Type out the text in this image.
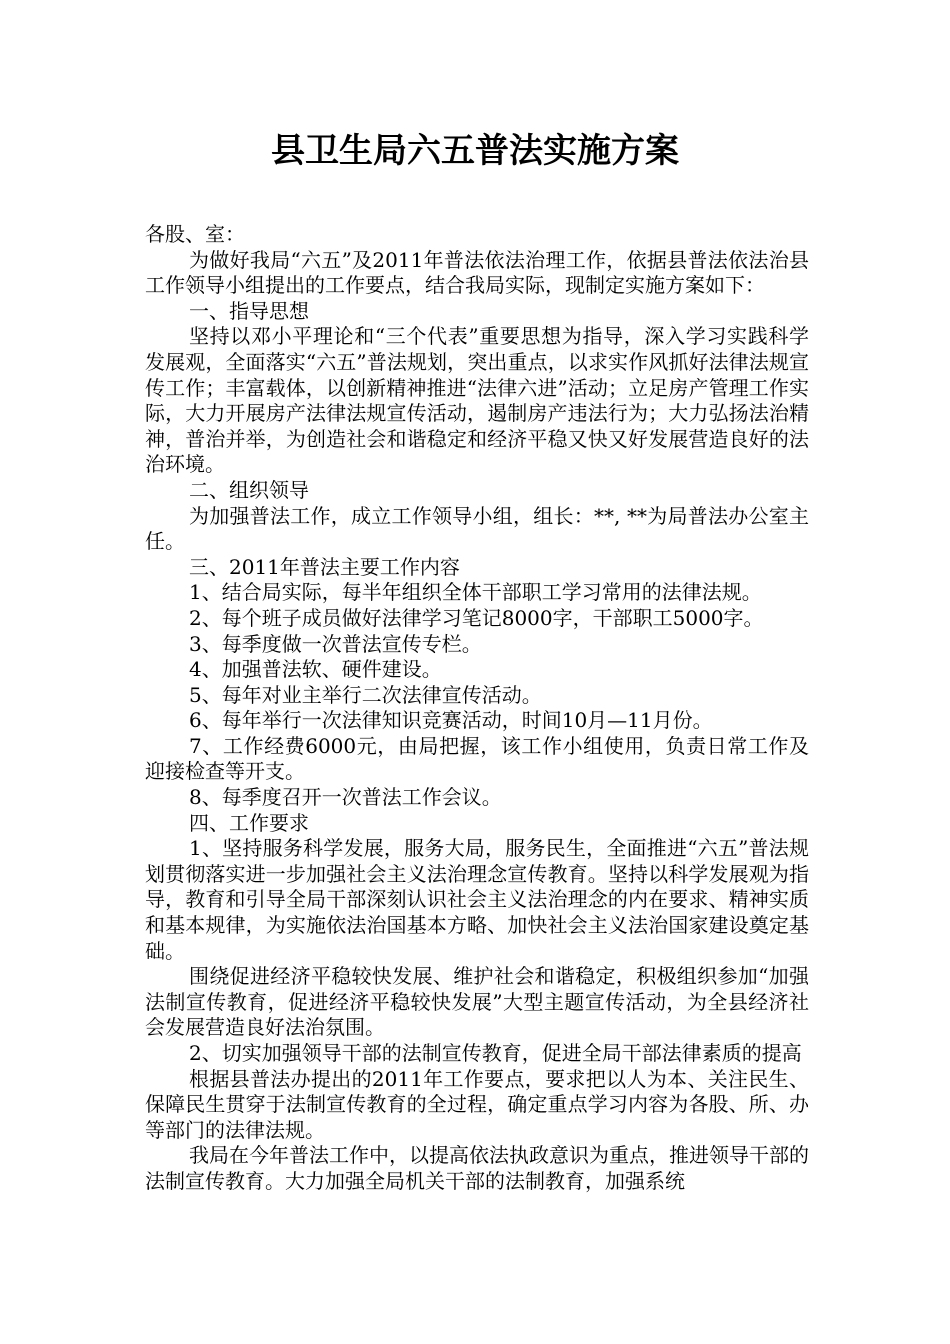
县卫生局六五普法实施方案

各股、室：

为做好我局“六五”及2011年普法依法治理工作，依据县普法依法治县工作领导小组提出的工作要点，结合我局实际，现制定实施方案如下：

一、指导思想

坚持以邓小平理论和“三个代表”重要思想为指导，深入学习实践科学发展观，全面落实“六五”普法规划，突出重点，以求实作风抓好法律法规宣传工作；丰富载体，以创新精神推进“法律六进”活动；立足房产管理工作实际，大力开展房产法律法规宣传活动，遏制房产违法行为；大力弘扬法治精神，普治并举，为创造社会和谐稳定和经济平稳又快又好发展营造良好的法治环境。

二、组织领导

为加强普法工作，成立工作领导小组，组长：**, **为局普法办公室主任。

三、2011年普法主要工作内容

1、结合局实际，每半年组织全体干部职工学习常用的法律法规。

2、每个班子成员做好法律学习笔记8000字，干部职工5000字。

3、每季度做一次普法宣传专栏。

4、加强普法软、硬件建设。

5、每年对业主举行二次法律宣传活动。

6、每年举行一次法律知识竞赛活动，时间10月—11月份。

7、工作经费6000元，由局把握，该工作小组使用，负责日常工作及迎接检查等开支。

8、每季度召开一次普法工作会议。

四、工作要求

1、坚持服务科学发展，服务大局，服务民生，全面推进“六五”普法规划贯彻落实进一步加强社会主义法治理念宣传教育。坚持以科学发展观为指导，教育和引导全局干部深刻认识社会主义法治理念的内在要求、精神实质和基本规律，为实施依法治国基本方略、加快社会主义法治国家建设奠定基础。

围绕促进经济平稳较快发展、维护社会和谐稳定，积极组织参加“加强法制宣传教育，促进经济平稳较快发展”大型主题宣传活动，为全县经济社会发展营造良好法治氛围。

2、切实加强领导干部的法制宣传教育，促进全局干部法律素质的提高

根据县普法办提出的2011年工作要点，要求把以人为本、关注民生、保障民生贯穿于法制宣传教育的全过程，确定重点学习内容为各股、所、办等部门的法律法规。

我局在今年普法工作中，以提高依法执政意识为重点，推进领导干部的法制宣传教育。大力加强全局机关干部的法制教育，加强系统
